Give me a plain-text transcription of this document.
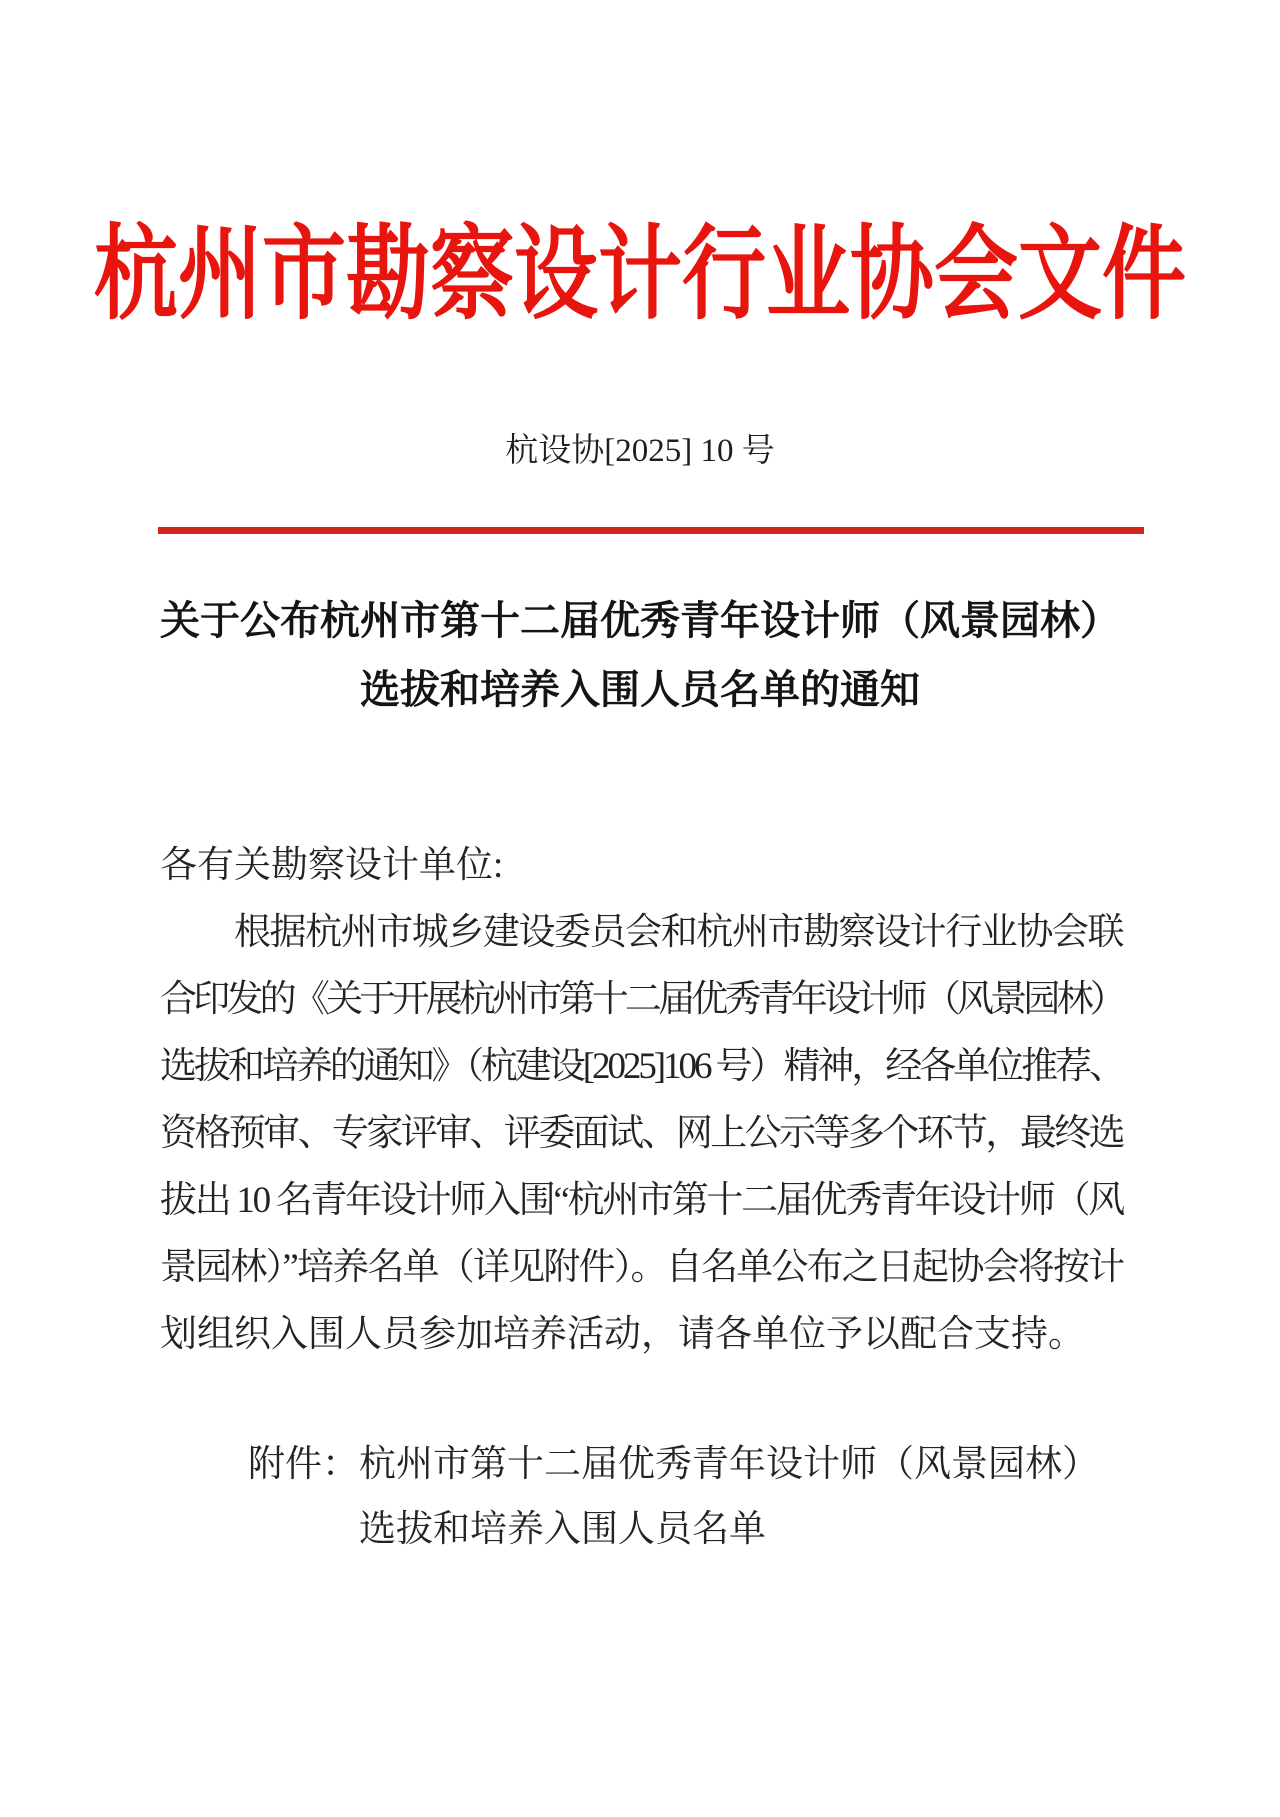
杭州市勘察设计行业协会文件
杭设协[2025] 10 号
关于公布杭州市第十二届优秀青年设计师（风景园林）
选拔和培养入围人员名单的通知
各有关勘察设计单位:
根据杭州市城乡建设委员会和杭州市勘察设计行业协会联
合印发的《关于开展杭州市第十二届优秀青年设计师（风景园林）
选拔和培养的通知》（杭建设[2025]106 号）精神，经各单位推荐、
资格预审、专家评审、评委面试、网上公示等多个环节，最终选
拔出 10 名青年设计师入围“杭州市第十二届优秀青年设计师（风
景园林）”培养名单（详见附件）。自名单公布之日起协会将按计
划组织入围人员参加培养活动，请各单位予以配合支持。
附件： 杭州市第十二届优秀青年设计师（风景园林）
选拔和培养入围人员名单
